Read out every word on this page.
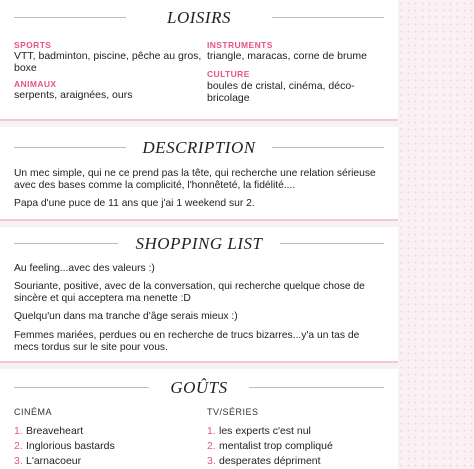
LOISIRS
SPORTS
VTT, badminton, piscine, pêche au gros, boxe
INSTRUMENTS
triangle, maracas, corne de brume
ANIMAUX
serpents, araignées, ours
CULTURE
boules de cristal, cinéma, déco-bricolage
DESCRIPTION
Un mec simple, qui ne ce prend pas la tête, qui recherche une relation sérieuse avec des bases comme la complicité, l'honnêteté, la fidélité....
Papa d'une puce de 11 ans que j'ai 1 weekend sur 2.
SHOPPING LIST
Au feeling...avec des valeurs :)
Souriante, positive, avec de la conversation, qui recherche quelque chose de sincère et qui acceptera ma nenette :D
Quelqu'un dans ma tranche d'âge serais mieux :)
Femmes mariées, perdues ou en recherche de trucs bizarres...y'a un tas de mecs tordus sur le site pour vous.
GOÛTS
CINÉMA	TV/SÉRIES
1. Breaveheart
2. Inglorious bastards
3. L'arnacoeur
1. les experts c'est nul
2. mentalist trop compliqué
3. desperates dépriment
